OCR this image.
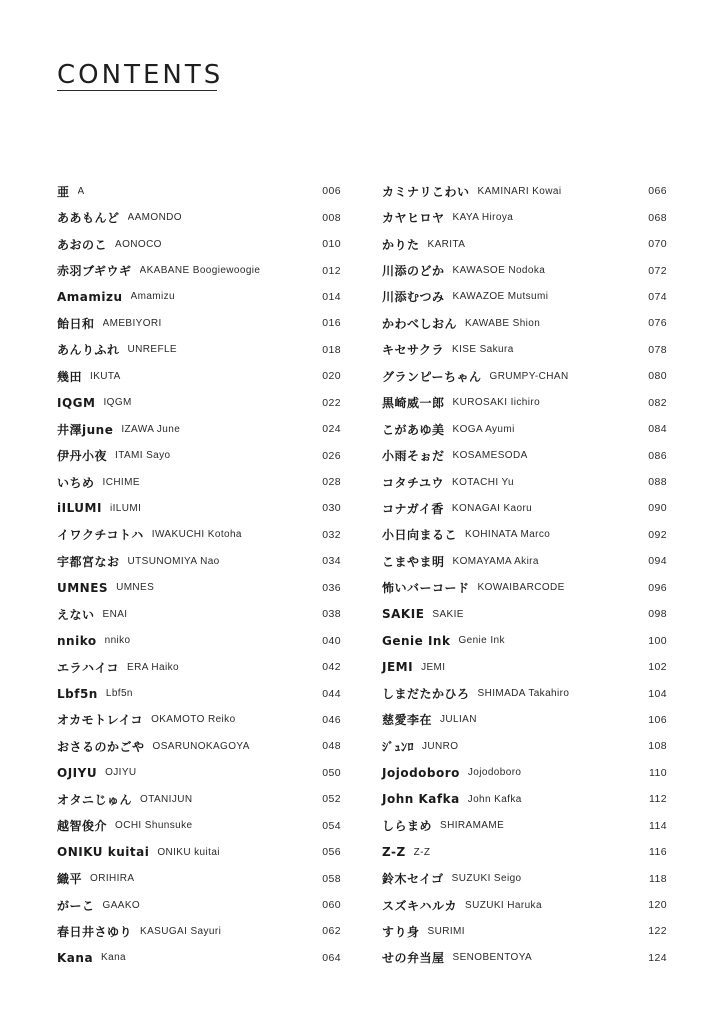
CONTENTS
亜 A	006
ああもんど AAMONDO	008
あおのこ AONOCO	010
赤羽ブギウギ AKABANE Boogiewoogie	012
Amamizu Amamizu	014
飴日和 AMEBIYORI	016
あんりふれ UNREFLE	018
幾田 IKUTA	020
IQGM IQGM	022
井澤june IZAWA June	024
伊丹小夜 ITAMI Sayo	026
いちめ ICHIME	028
iILUMI iILUMI	030
イワクチコトハ IWAKUCHI Kotoha	032
宇都宮なお UTSUNOMIYA Nao	034
UMNES UMNES	036
えない ENAI	038
nniko nniko	040
エラハイコ ERA Haiko	042
Lbf5n Lbf5n	044
オカモトレイコ OKAMOTO Reiko	046
おさるのかごや OSARUNOKAGOYA	048
OJIYU OJIYU	050
オタニじゅん OTANIJUN	052
越智俊介 OCHI Shunsuke	054
ONIKU kuitai ONIKU kuitai	056
織平 ORIHIRA	058
がーこ GAAKO	060
春日井さゆり KASUGAI Sayuri	062
Kana Kana	064
カミナリこわい KAMINARI Kowai	066
カヤヒロヤ KAYA Hiroya	068
かりた KARITA	070
川添のどか KAWASOE Nodoka	072
川添むつみ KAWAZOE Mutsumi	074
かわべしおん KAWABE Shion	076
キセサクラ KISE Sakura	078
グランピーちゃん GRUMPY-CHAN	080
黒崎威一郎 KUROSAKI Iichiro	082
こがあゆ美 KOGA Ayumi	084
小雨そぉだ KOSAMESODA	086
コタチユウ KOTACHI Yu	088
コナガイ香 KONAGAI Kaoru	090
小日向まるこ KOHINATA Marco	092
こまやま明 KOMAYAMA Akira	094
怖いバーコード KOWAIBARCODE	096
SAKIE SAKIE	098
Genie Ink Genie Ink	100
JEMI JEMI	102
しまだたかひろ SHIMADA Takahiro	104
慈愛李在 JULIAN	106
ｼﾞｭﾝﾛ JUNRO	108
Jojodoboro Jojodoboro	110
John Kafka John Kafka	112
しらまめ SHIRAMAME	114
Z-Z Z-Z	116
鈴木セイゴ SUZUKI Seigo	118
スズキハルカ SUZUKI Haruka	120
すり身 SURIMI	122
せの弁当屋 SENOBENTOYA	124
